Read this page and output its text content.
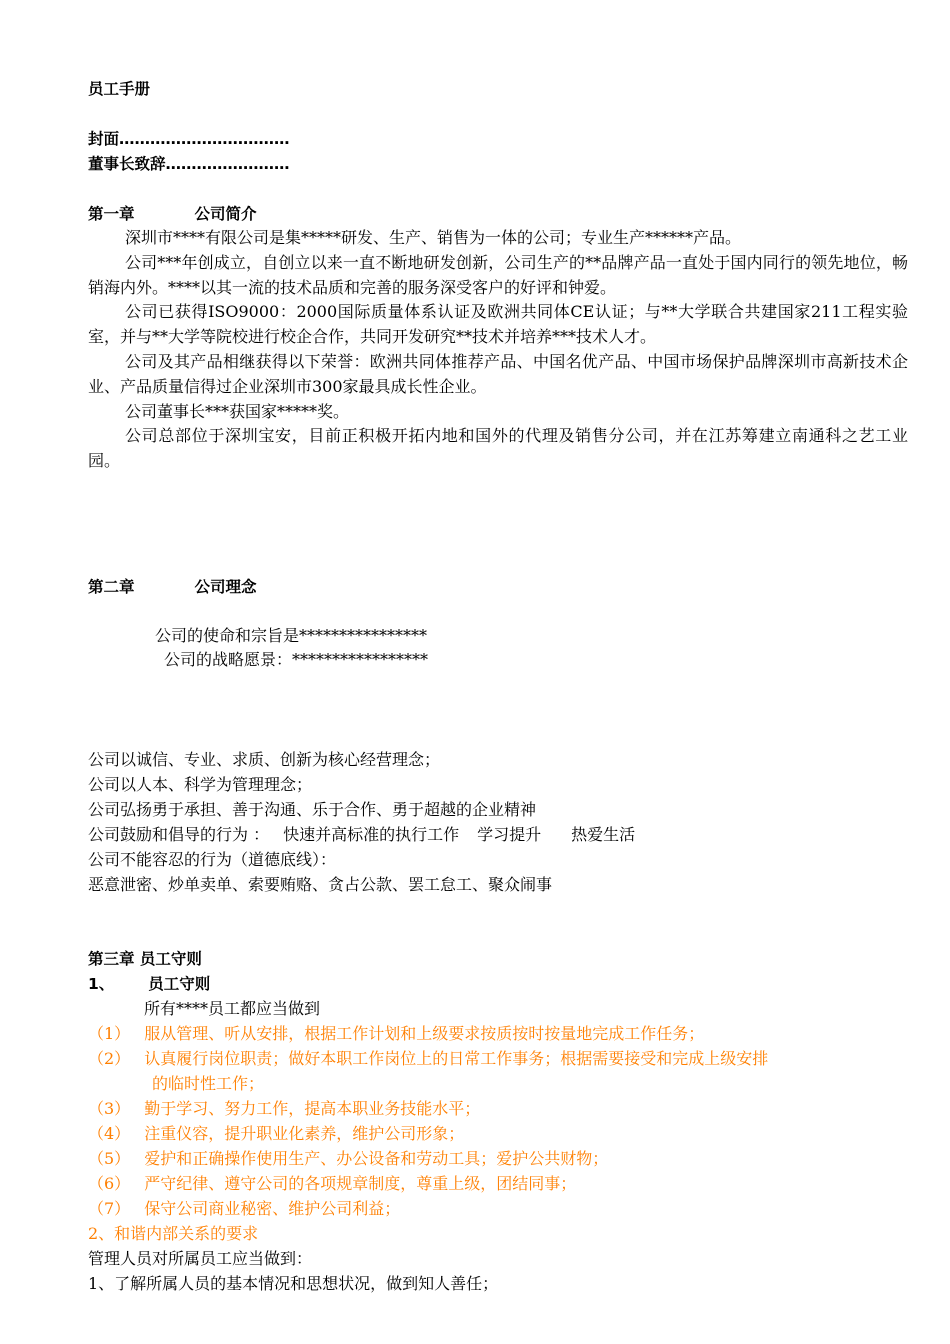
员工手册
封面……………………………
董事长致辞……………………
第一章	公司简介
深圳市****有限公司是集*****研发、生产、销售为一体的公司；专业生产******产品。
公司***年创成立，自创立以来一直不断地研发创新，公司生产的**品牌产品一直处于国内同行的领先地位，畅销海内外。****以其一流的技术品质和完善的服务深受客户的好评和钟爱。
公司已获得ISO9000：2000国际质量体系认证及欧洲共同体CE认证；与**大学联合共建国家211工程实验室，并与**大学等院校进行校企合作，共同开发研究**技术并培养***技术人才。
公司及其产品相继获得以下荣誉：欧洲共同体推荐产品、中国名优产品、中国市场保护品牌深圳市高新技术企业、产品质量信得过企业深圳市300家最具成长性企业。
公司董事长***获国家*****奖。
公司总部位于深圳宝安，目前正积极开拓内地和国外的代理及销售分公司，并在江苏筹建立南通科之艺工业园。
第二章	公司理念
公司的使命和宗旨是****************
公司的战略愿景：*****************
公司以诚信、专业、求质、创新为核心经营理念；
公司以人本、科学为管理理念；
公司弘扬勇于承担、善于沟通、乐于合作、勇于超越的企业精神
公司鼓励和倡导的行为 ： 快速并高标准的执行工作 学习提升 热爱生活
公司不能容忍的行为（道德底线）：
恶意泄密、炒单卖单、索要贿赂、贪占公款、罢工怠工、聚众闹事
第三章 员工守则
1、 员工守则
所有****员工都应当做到
（1） 服从管理、听从安排，根据工作计划和上级要求按质按时按量地完成工作任务；
（2） 认真履行岗位职责；做好本职工作岗位上的日常工作事务；根据需要接受和完成上级安排
的临时性工作；
（3） 勤于学习、努力工作，提高本职业务技能水平；
（4） 注重仪容，提升职业化素养，维护公司形象；
（5） 爱护和正确操作使用生产、办公设备和劳动工具；爱护公共财物；
（6） 严守纪律、遵守公司的各项规章制度，尊重上级，团结同事；
（7） 保守公司商业秘密、维护公司利益；
2、和谐内部关系的要求
管理人员对所属员工应当做到：
1、了解所属人员的基本情况和思想状况，做到知人善任；
